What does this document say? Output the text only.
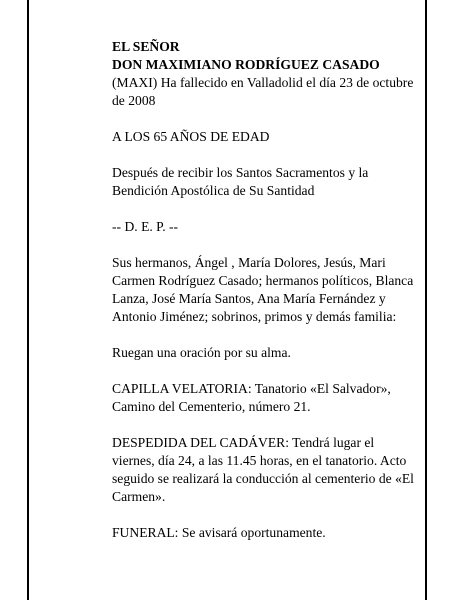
EL SEÑOR

DON MAXIMIANO RODRÍGUEZ CASADO

(MAXI) Ha fallecido en Valladolid el día 23 de octubre de 2008

A LOS 65 AÑOS DE EDAD

Después de recibir los Santos Sacramentos y la Bendición Apostólica de Su Santidad

-- D. E. P. --

Sus hermanos, Ángel , María Dolores, Jesús, Mari Carmen Rodríguez Casado; hermanos políticos, Blanca Lanza, José María Santos, Ana María Fernández y Antonio Jiménez; sobrinos, primos y demás familia:

Ruegan una oración por su alma.

CAPILLA VELATORIA: Tanatorio «El Salvador», Camino del Cementerio, número 21.

DESPEDIDA DEL CADÁVER: Tendrá lugar el viernes, día 24, a las 11.45 horas, en el tanatorio. Acto seguido se realizará la conducción al cementerio de «El Carmen».

FUNERAL: Se avisará oportunamente.
